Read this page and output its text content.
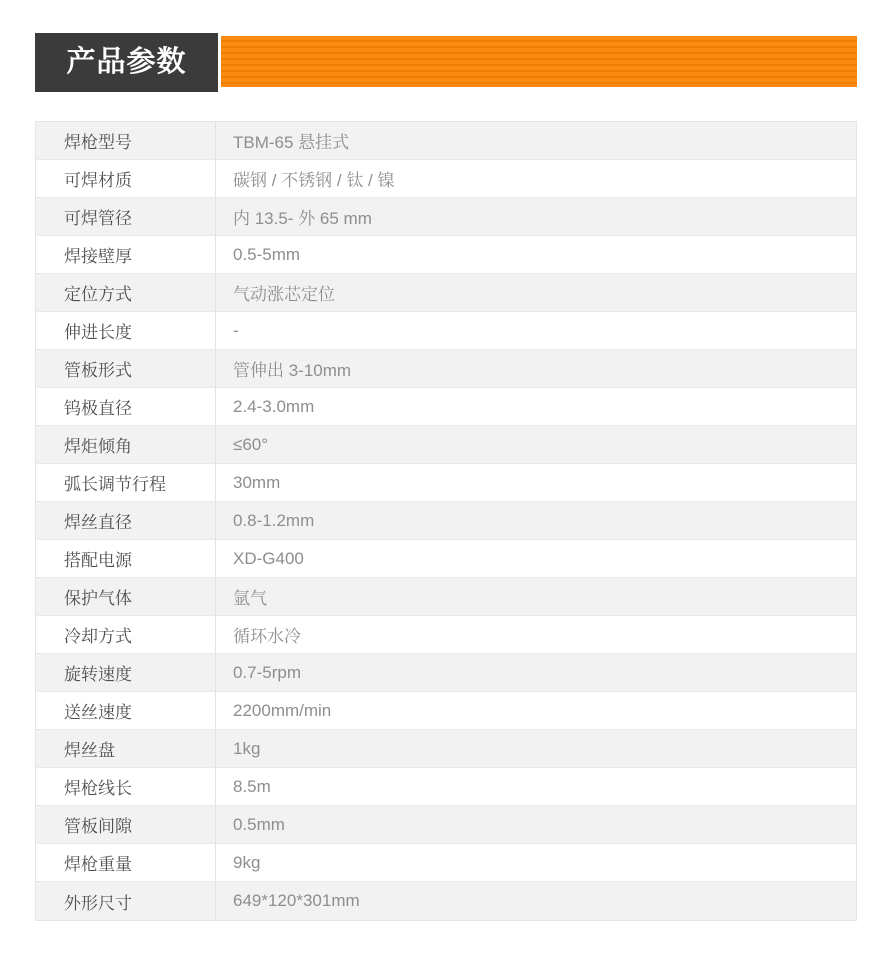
产品参数
焊枪型号	TBM-65 悬挂式
可焊材质	碳钢 / 不锈钢 / 钛 / 镍
可焊管径	内 13.5- 外 65 mm
焊接壁厚	0.5-5mm
定位方式	气动涨芯定位
伸进长度	-
管板形式	管伸出 3-10mm
钨极直径	2.4-3.0mm
焊炬倾角	≤60°
弧长调节行程	30mm
焊丝直径	0.8-1.2mm
搭配电源	XD-G400
保护气体	氩气
冷却方式	循环水冷
旋转速度	0.7-5rpm
送丝速度	2200mm/min
焊丝盘	1kg
焊枪线长	8.5m
管板间隙	0.5mm
焊枪重量	9kg
外形尺寸	649*120*301mm
